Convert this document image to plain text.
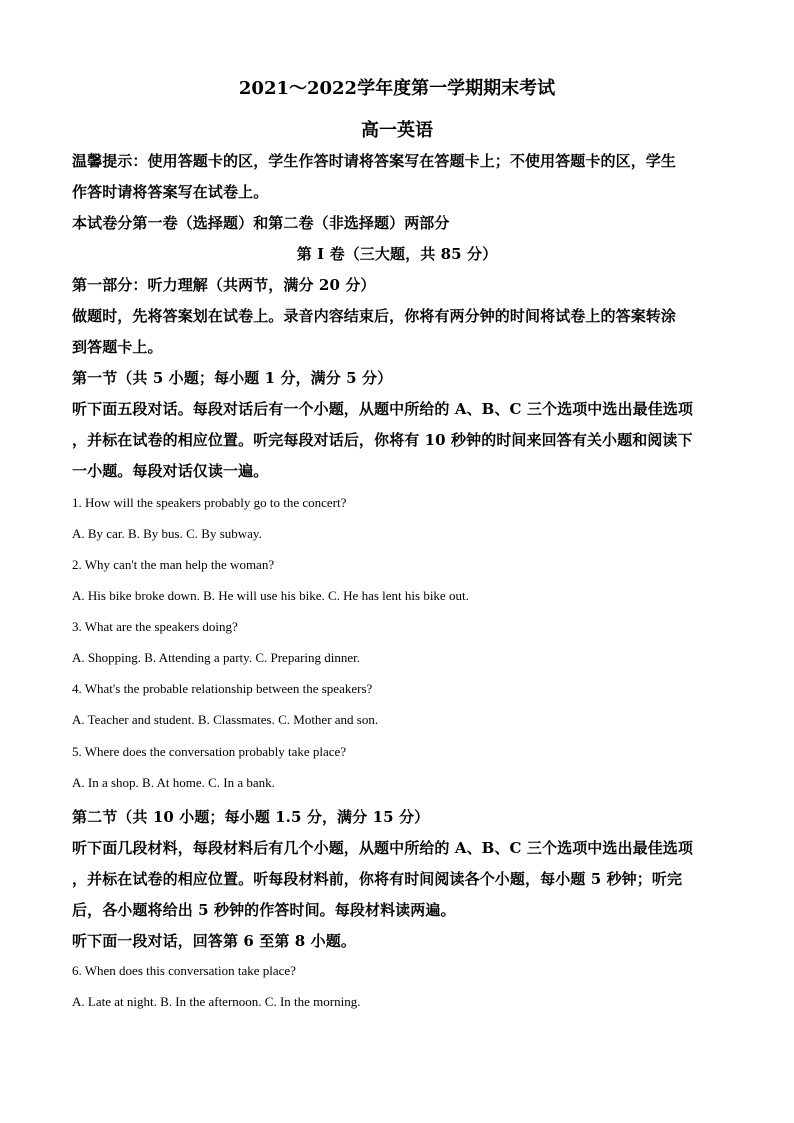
2021～2022学年度第一学期期末考试
高一英语
温馨提示：使用答题卡的区，学生作答时请将答案写在答题卡上；不使用答题卡的区，学生
作答时请将答案写在试卷上。
本试卷分第一卷（选择题）和第二卷（非选择题）两部分
第 I 卷（三大题，共 85 分）
第一部分：听力理解（共两节，满分 20 分）
做题时，先将答案划在试卷上。录音内容结束后，你将有两分钟的时间将试卷上的答案转涂
到答题卡上。
第一节（共 5 小题；每小题 1 分，满分 5 分）
听下面五段对话。每段对话后有一个小题，从题中所给的 A、B、C 三个选项中选出最佳选项
，并标在试卷的相应位置。听完每段对话后，你将有 10 秒钟的时间来回答有关小题和阅读下
一小题。每段对话仅读一遍。
1. How will the speakers probably go to the concert?
A. By car. B. By bus. C. By subway.
2. Why can't the man help the woman?
A. His bike broke down. B. He will use his bike. C. He has lent his bike out.
3. What are the speakers doing?
A. Shopping. B. Attending a party. C. Preparing dinner.
4. What's the probable relationship between the speakers?
A. Teacher and student. B. Classmates. C. Mother and son.
5. Where does the conversation probably take place?
A. In a shop. B. At home. C. In a bank.
第二节（共 10 小题；每小题 1.5 分，满分 15 分）
听下面几段材料，每段材料后有几个小题，从题中所给的 A、B、C 三个选项中选出最佳选项
，并标在试卷的相应位置。听每段材料前，你将有时间阅读各个小题，每小题 5 秒钟；听完
后，各小题将给出 5 秒钟的作答时间。每段材料读两遍。
听下面一段对话，回答第 6 至第 8 小题。
6. When does this conversation take place?
A. Late at night. B. In the afternoon. C. In the morning.
